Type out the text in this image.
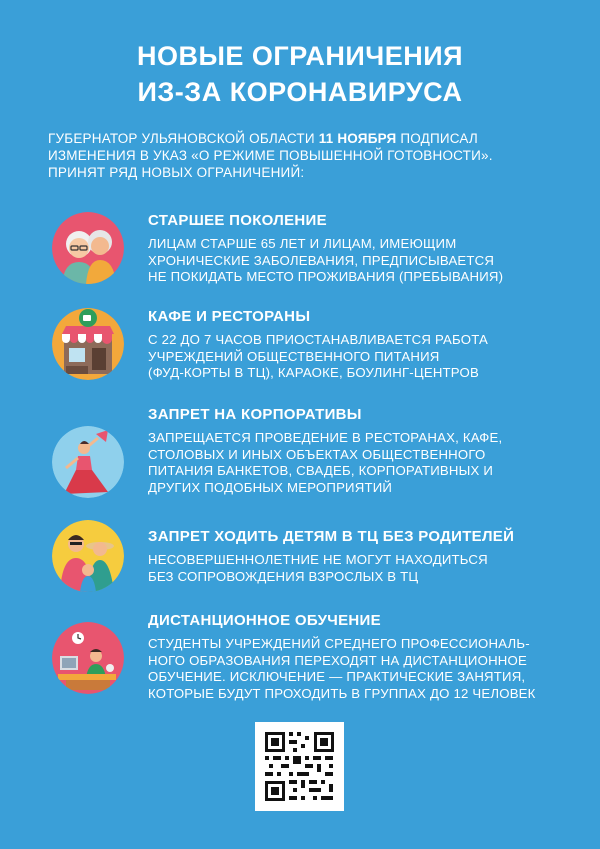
НОВЫЕ ОГРАНИЧЕНИЯ
ИЗ-ЗА КОРОНАВИРУСА
ГУБЕРНАТОР УЛЬЯНОВСКОЙ ОБЛАСТИ 11 НОЯБРЯ ПОДПИСАЛ
ИЗМЕНЕНИЯ В УКАЗ «О РЕЖИМЕ ПОВЫШЕННОЙ ГОТОВНОСТИ».
ПРИНЯТ РЯД НОВЫХ ОГРАНИЧЕНИЙ:
СТАРШЕЕ ПОКОЛЕНИЕ
ЛИЦАМ СТАРШЕ 65 ЛЕТ И ЛИЦАМ, ИМЕЮЩИМ
ХРОНИЧЕСКИЕ ЗАБОЛЕВАНИЯ, ПРЕДПИСЫВАЕТСЯ
НЕ ПОКИДАТЬ МЕСТО ПРОЖИВАНИЯ (ПРЕБЫВАНИЯ)
КАФЕ И РЕСТОРАНЫ
С 22 ДО 7 ЧАСОВ ПРИОСТАНАВЛИВАЕТСЯ РАБОТА
УЧРЕЖДЕНИЙ ОБЩЕСТВЕННОГО ПИТАНИЯ
(ФУД-КОРТЫ В ТЦ), КАРАОКЕ, БОУЛИНГ-ЦЕНТРОВ
ЗАПРЕТ НА КОРПОРАТИВЫ
ЗАПРЕЩАЕТСЯ ПРОВЕДЕНИЕ В РЕСТОРАНАХ, КАФЕ,
СТОЛОВЫХ И ИНЫХ ОБЪЕКТАХ ОБЩЕСТВЕННОГО
ПИТАНИЯ БАНКЕТОВ, СВАДЕБ, КОРПОРАТИВНЫХ И
ДРУГИХ ПОДОБНЫХ МЕРОПРИЯТИЙ
ЗАПРЕТ ХОДИТЬ ДЕТЯМ В ТЦ БЕЗ РОДИТЕЛЕЙ
НЕСОВЕРШЕННОЛЕТНИЕ НЕ МОГУТ НАХОДИТЬСЯ
БЕЗ СОПРОВОЖДЕНИЯ ВЗРОСЛЫХ В ТЦ
ДИСТАНЦИОННОЕ ОБУЧЕНИЕ
СТУДЕНТЫ УЧРЕЖДЕНИЙ СРЕДНЕГО ПРОФЕССИОНАЛЬ-
НОГО ОБРАЗОВАНИЯ ПЕРЕХОДЯТ НА ДИСТАНЦИОННОЕ
ОБУЧЕНИЕ. ИСКЛЮЧЕНИЕ — ПРАКТИЧЕСКИЕ ЗАНЯТИЯ,
КОТОРЫЕ БУДУТ ПРОХОДИТЬ В ГРУППАХ ДО 12 ЧЕЛОВЕК
